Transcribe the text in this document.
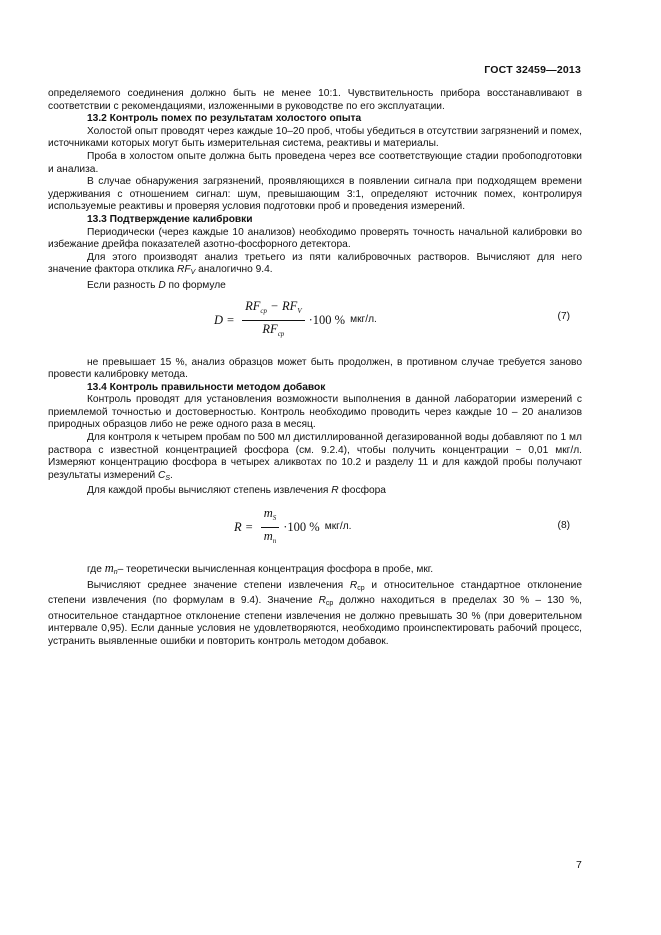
ГОСТ 32459—2013

определяемого соединения должно быть не менее 10:1. Чувствительность прибора восстанавливают в соответствии с рекомендациями, изложенными в руководстве по его эксплуатации.

13.2 Контроль помех по результатам холостого опыта

Холостой опыт проводят через каждые 10–20 проб, чтобы убедиться в отсутствии загрязнений и помех, источниками которых могут быть измерительная система, реактивы и материалы.

Проба в холостом опыте должна быть проведена через все соответствующие стадии пробоподготовки и анализа.

В случае обнаружения загрязнений, проявляющихся в появлении сигнала при подходящем времени удерживания с отношением сигнал: шум, превышающим 3:1, определяют источник помех, контролируя используемые реактивы и проверяя условия подготовки проб и проведения измерений.

13.3 Подтверждение калибровки

Периодически (через каждые 10 анализов) необходимо проверять точность начальной калибровки во избежание дрейфа показателей азотно-фосфорного детектора.

Для этого производят анализ третьего из пяти калибровочных растворов. Вычисляют для него значение фактора отклика RFV аналогично 9.4.

Если разность D по формуле

$D = \frac{RF_{ср} - RF_V}{RF_{ср}} \cdot 100$ % мкг/л.	(7)

не превышает 15 %, анализ образцов может быть продолжен, в противном случае требуется заново провести калибровку метода.

13.4 Контроль правильности методом добавок

Контроль проводят для установления возможности выполнения в данной лаборатории измерений с приемлемой точностью и достоверностью. Контроль необходимо проводить через каждые 10 – 20 анализов природных образцов либо не реже одного раза в месяц.

Для контроля к четырем пробам по 500 мл дистиллированной дегазированной воды добавляют по 1 мл раствора с известной концентрацией фосфора (см. 9.2.4), чтобы получить концентрации ~ 0,01 мкг/л. Измеряют концентрацию фосфора в четырех аликвотах по 10.2 и разделу 11 и для каждой пробы получают результаты измерений CS.

Для каждой пробы вычисляют степень извлечения R фосфора

$R = \frac{m_S}{m_n} \cdot 100$ % мкг/л.	(8)

где mn– теоретически вычисленная концентрация фосфора в пробе, мкг.

Вычисляют среднее значение степени извлечения Rср и относительное стандартное отклонение степени извлечения (по формулам в 9.4). Значение Rср должно находиться в пределах 30 % – 130 %, относительное стандартное отклонение степени извлечения не должно превышать 30 % (при доверительном интервале 0,95). Если данные условия не удовлетворяются, необходимо проинспектировать рабочий процесс, устранить выявленные ошибки и повторить контроль методом добавок.

7
